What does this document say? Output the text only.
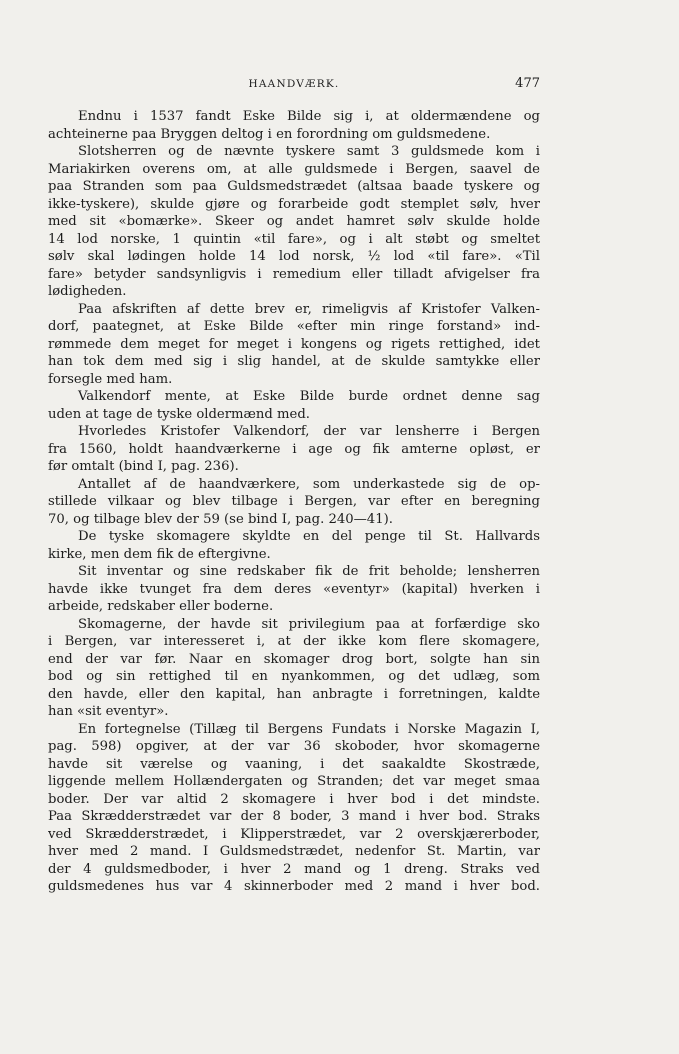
HAANDVÆRK.	477
Endnu i 1537 fandt Eske Bilde sig i, at oldermændene og
achteinerne paa Bryggen deltog i en forordning om guldsmedene.
Slotsherren og de nævnte tyskere samt 3 guldsmede kom i
Mariakirken overens om, at alle guldsmede i Bergen, saavel de
paa Stranden som paa Guldsmedstrædet (altsaa baade tyskere og
ikke-tyskere), skulde gjøre og forarbeide godt stemplet sølv, hver
med sit «bomærke». Skeer og andet hamret sølv skulde holde
14 lod norske, 1 quintin «til fare», og i alt støbt og smeltet
sølv skal lødingen holde 14 lod norsk, ½ lod «til fare». «Til
fare» betyder sandsynligvis i remedium eller tilladt afvigelser fra
lødigheden.
Paa afskriften af dette brev er, rimeligvis af Kristofer Valken-
dorf, paategnet, at Eske Bilde «efter min ringe forstand» ind-
rømmede dem meget for meget i kongens og rigets rettighed, idet
han tok dem med sig i slig handel, at de skulde samtykke eller
forsegle med ham.
Valkendorf mente, at Eske Bilde burde ordnet denne sag
uden at tage de tyske oldermænd med.
Hvorledes Kristofer Valkendorf, der var lensherre i Bergen
fra 1560, holdt haandværkerne i age og fik amterne opløst, er
før omtalt (bind I, pag. 236).
Antallet af de haandværkere, som underkastede sig de op-
stillede vilkaar og blev tilbage i Bergen, var efter en beregning
70, og tilbage blev der 59 (se bind I, pag. 240—41).
De tyske skomagere skyldte en del penge til St. Hallvards
kirke, men dem fik de eftergivne.
Sit inventar og sine redskaber fik de frit beholde; lensherren
havde ikke tvunget fra dem deres «eventyr» (kapital) hverken i
arbeide, redskaber eller boderne.
Skomagerne, der havde sit privilegium paa at forfærdige sko
i Bergen, var interesseret i, at der ikke kom flere skomagere,
end der var før. Naar en skomager drog bort, solgte han sin
bod og sin rettighed til en nyankommen, og det udlæg, som
den havde, eller den kapital, han anbragte i forretningen, kaldte
han «sit eventyr».
En fortegnelse (Tillæg til Bergens Fundats i Norske Magazin I,
pag. 598) opgiver, at der var 36 skoboder, hvor skomagerne
havde sit værelse og vaaning, i det saakaldte Skostræde,
liggende mellem Hollændergaten og Stranden; det var meget smaa
boder. Der var altid 2 skomagere i hver bod i det mindste.
Paa Skrædderstrædet var der 8 boder, 3 mand i hver bod. Straks
ved Skrædderstrædet, i Klipperstrædet, var 2 overskjærerboder,
hver med 2 mand. I Guldsmedstrædet, nedenfor St. Martin, var
der 4 guldsmedboder, i hver 2 mand og 1 dreng. Straks ved
guldsmedenes hus var 4 skinnerboder med 2 mand i hver bod.
